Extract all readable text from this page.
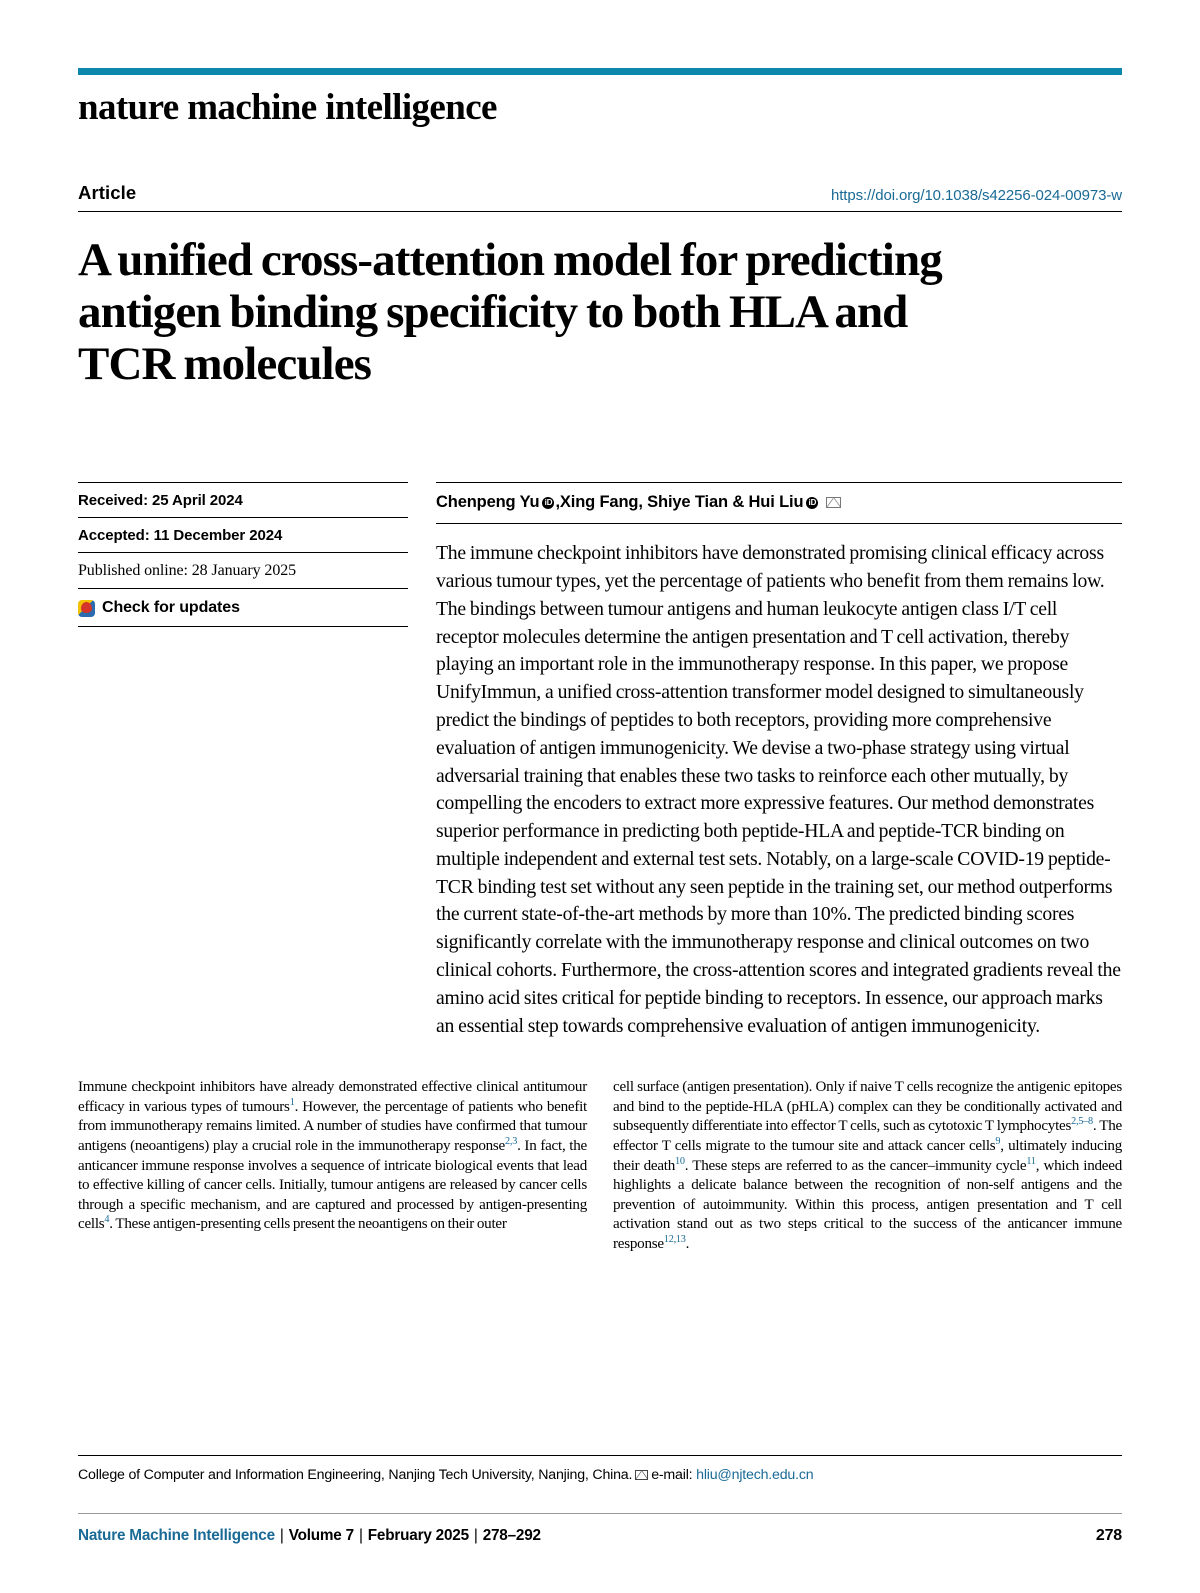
nature machine intelligence
Article	https://doi.org/10.1038/s42256-024-00973-w
A unified cross-attention model for predicting antigen binding specificity to both HLA and TCR molecules
Received: 25 April 2024
Accepted: 11 December 2024
Published online: 28 January 2025
Check for updates
Chenpeng Yu iD , Xing Fang, Shiye Tian & Hui Liu
iD
The immune checkpoint inhibitors have demonstrated promising clinical efficacy across various tumour types, yet the percentage of patients who benefit from them remains low. The bindings between tumour antigens and human leukocyte antigen class I/T cell receptor molecules determine the antigen presentation and T cell activation, thereby playing an important role in the immunotherapy response. In this paper, we propose UnifyImmun, a unified cross-attention transformer model designed to simultaneously predict the bindings of peptides to both receptors, providing more comprehensive evaluation of antigen immunogenicity. We devise a two-phase strategy using virtual adversarial training that enables these two tasks to reinforce each other mutually, by compelling the encoders to extract more expressive features. Our method demonstrates superior performance in predicting both peptide-HLA and peptide-TCR binding on multiple independent and external test sets. Notably, on a large-scale COVID-19 peptide-TCR binding test set without any seen peptide in the training set, our method outperforms the current state-of-the-art methods by more than 10%. The predicted binding scores significantly correlate with the immunotherapy response and clinical outcomes on two clinical cohorts. Furthermore, the cross-attention scores and integrated gradients reveal the amino acid sites critical for peptide binding to receptors. In essence, our approach marks an essential step towards comprehensive evaluation of antigen immunogenicity.

Immune checkpoint inhibitors have already demonstrated effective clinical antitumour efficacy in various types of tumours$^1$. However, the percentage of patients who benefit from immunotherapy remains limited. A number of studies have confirmed that tumour antigens (neoantigens) play a crucial role in the immunotherapy response$^{2,3}$. In fact, the anticancer immune response involves a sequence of intricate biological events that lead to effective killing of cancer cells. Initially, tumour antigens are released by cancer cells through a specific mechanism, and are captured and processed by antigen-presenting cells$^4$. These antigen-presenting cells present the neoantigens on their outer

cell surface (antigen presentation). Only if naive T cells recognize the antigenic epitopes and bind to the peptide-HLA (pHLA) complex can they be conditionally activated and subsequently differentiate into effector T cells, such as cytotoxic T lymphocytes$^{2,5-8}$. The effector T cells migrate to the tumour site and attack cancer cells$^9$, ultimately inducing their death$^{10}$. These steps are referred to as the cancer–immunity cycle$^{11}$, which indeed highlights a delicate balance between the recognition of non-self antigens and the prevention of autoimmunity. Within this process, antigen presentation and T cell activation stand out as two steps critical to the success of the anticancer immune response$^{12,13}$.

College of Computer and Information Engineering, Nanjing Tech University, Nanjing, China. e-mail:
hliu@njtech.edu.cn
Nature Machine Intelligence | Volume 7 | February 2025 | 278–292	278
